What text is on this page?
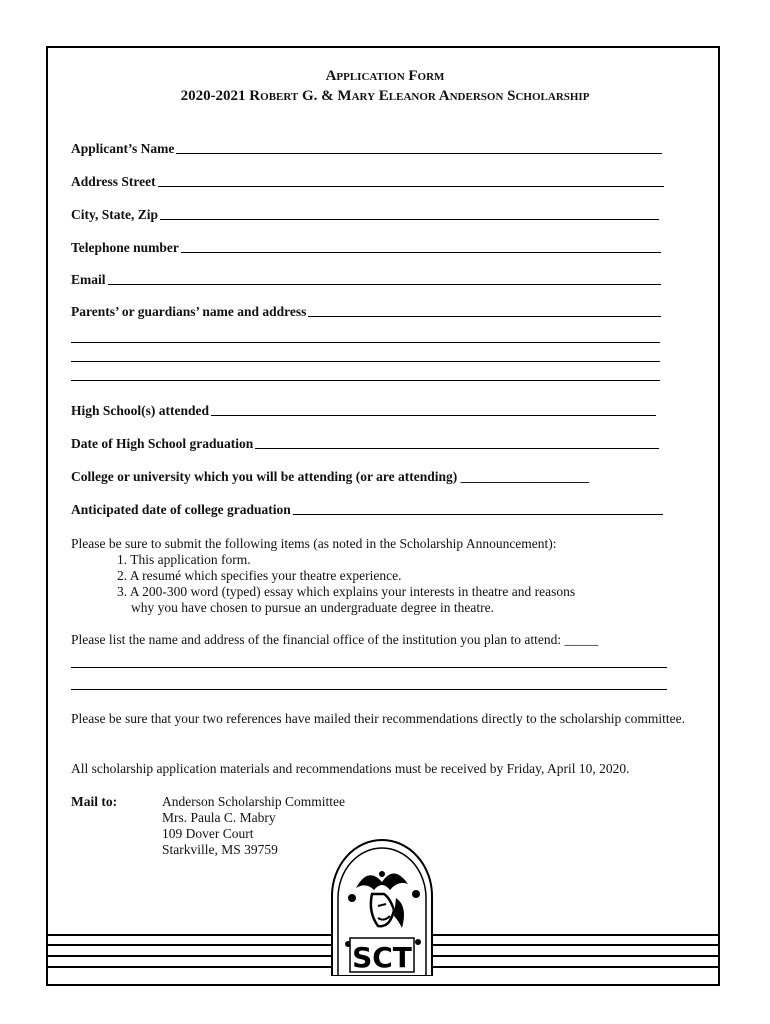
Application Form
2020-2021 Robert G. & Mary Eleanor Anderson Scholarship
Applicant’s Name
Address Street
City, State, Zip
Telephone number
Email
Parents’ or guardians’ name and address
High School(s) attended
Date of High School graduation
College or university which you will be attending (or are attending) ___________________
Anticipated date of college graduation
Please be sure to submit the following items (as noted in the Scholarship Announcement):
1. This application form.
2. A resumé which specifies your theatre experience.
3. A 200-300 word (typed) essay which explains your interests in theatre and reasons
why you have chosen to pursue an undergraduate degree in theatre.
Please list the name and address of the financial office of the institution you plan to attend: _____
Please be sure that your two references have mailed their recommendations directly to the scholarship committee.
All scholarship application materials and recommendations must be received by Friday, April 10, 2020.
Mail to:	Anderson Scholarship Committee
Mrs. Paula C. Mabry
109 Dover Court
Starkville, MS 39759
SCT
